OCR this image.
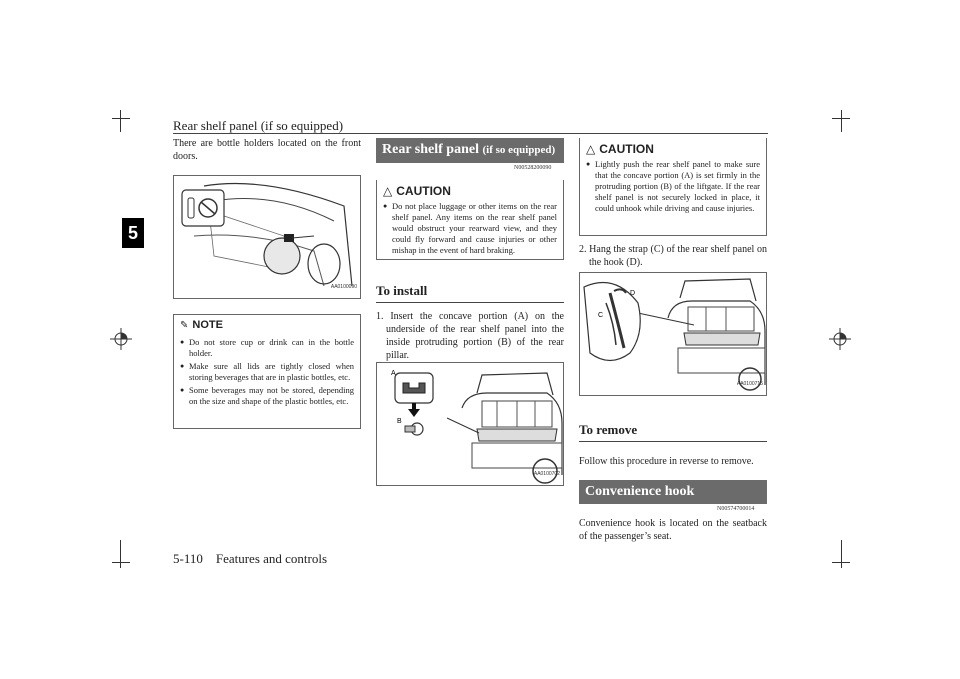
Rear shelf panel (if so equipped)
5
There are bottle holders located on the front doors.
AA0100090
✎ NOTE
● Do not store cup or drink can in the bottle holder.
● Make sure all lids are tightly closed when storing beverages that are in plastic bottles, etc.
● Some beverages may not be stored, depending on the size and shape of the plastic bottles, etc.
Rear shelf panel (if so equipped)
N00528200090
△ CAUTION
● Do not place luggage or other items on the rear shelf panel. Any items on the rear shelf panel would obstruct your rearward view, and they could fly forward and cause injuries or other mishap in the event of hard braking.
To install
1. Insert the concave portion (A) on the underside of the rear shelf panel into the inside protruding portion (B) of the rear pillar.
A
B
AA0100702
△ CAUTION
● Lightly push the rear shelf panel to make sure that the concave portion (A) is set firmly in the protruding portion (B) of the liftgate. If the rear shelf panel is not securely locked in place, it could unhook while driving and cause injuries.
2. Hang the strap (C) of the rear shelf panel on the hook (D).
D
C
AA0100715
To remove
Follow this procedure in reverse to remove.
Convenience hook
N00574700014
Convenience hook is located on the seatback of the passenger’s seat.
5-110    Features and controls
